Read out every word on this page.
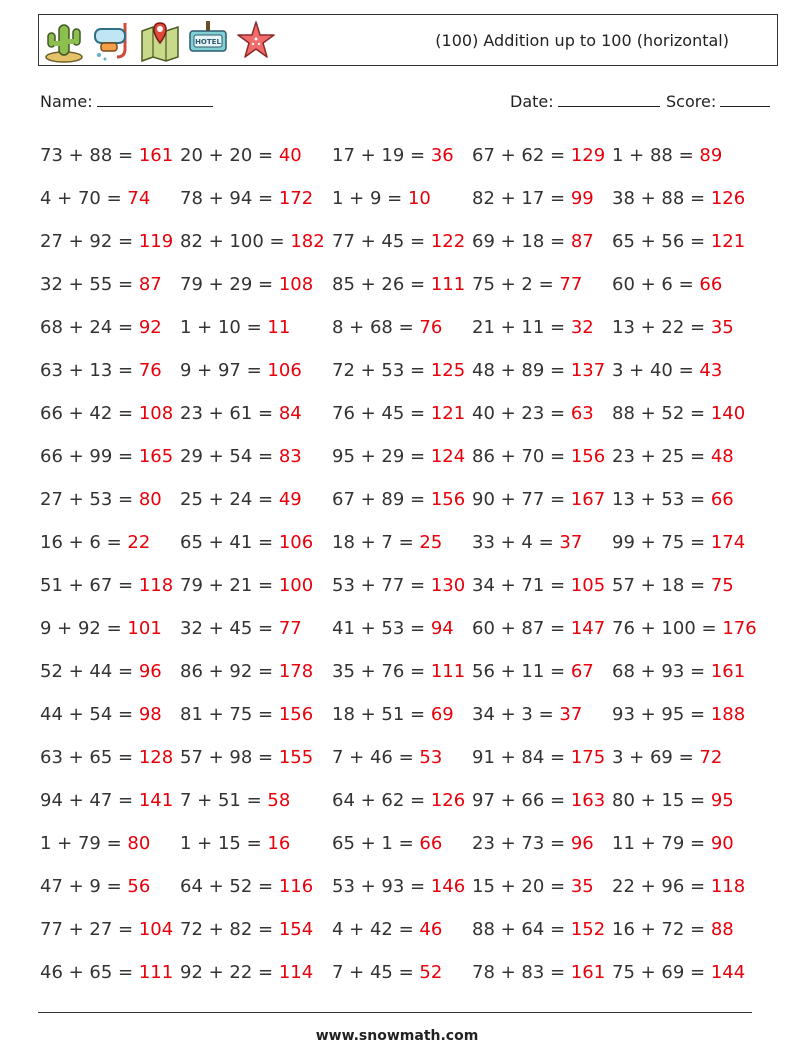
HOTEL	(100) Addition up to 100 (horizontal)
Name:	Date:	Score:
73 + 88 = 161 20 + 20 = 40 17 + 19 = 36 67 + 62 = 129 1 + 88 = 89
4 + 70 = 74 78 + 94 = 172 1 + 9 = 10 82 + 17 = 99 38 + 88 = 126
27 + 92 = 119 82 + 100 = 182 77 + 45 = 122 69 + 18 = 87 65 + 56 = 121
32 + 55 = 87 79 + 29 = 108 85 + 26 = 111 75 + 2 = 77 60 + 6 = 66
68 + 24 = 92 1 + 10 = 11 8 + 68 = 76 21 + 11 = 32 13 + 22 = 35
63 + 13 = 76 9 + 97 = 106 72 + 53 = 125 48 + 89 = 137 3 + 40 = 43
66 + 42 = 108 23 + 61 = 84 76 + 45 = 121 40 + 23 = 63 88 + 52 = 140
66 + 99 = 165 29 + 54 = 83 95 + 29 = 124 86 + 70 = 156 23 + 25 = 48
27 + 53 = 80 25 + 24 = 49 67 + 89 = 156 90 + 77 = 167 13 + 53 = 66
16 + 6 = 22 65 + 41 = 106 18 + 7 = 25 33 + 4 = 37 99 + 75 = 174
51 + 67 = 118 79 + 21 = 100 53 + 77 = 130 34 + 71 = 105 57 + 18 = 75
9 + 92 = 101 32 + 45 = 77 41 + 53 = 94 60 + 87 = 147 76 + 100 = 176
52 + 44 = 96 86 + 92 = 178 35 + 76 = 111 56 + 11 = 67 68 + 93 = 161
44 + 54 = 98 81 + 75 = 156 18 + 51 = 69 34 + 3 = 37 93 + 95 = 188
63 + 65 = 128 57 + 98 = 155 7 + 46 = 53 91 + 84 = 175 3 + 69 = 72
94 + 47 = 141 7 + 51 = 58 64 + 62 = 126 97 + 66 = 163 80 + 15 = 95
1 + 79 = 80 1 + 15 = 16 65 + 1 = 66 23 + 73 = 96 11 + 79 = 90
47 + 9 = 56 64 + 52 = 116 53 + 93 = 146 15 + 20 = 35 22 + 96 = 118
77 + 27 = 104 72 + 82 = 154 4 + 42 = 46 88 + 64 = 152 16 + 72 = 88
46 + 65 = 111 92 + 22 = 114 7 + 45 = 52 78 + 83 = 161 75 + 69 = 144
www.snowmath.com
